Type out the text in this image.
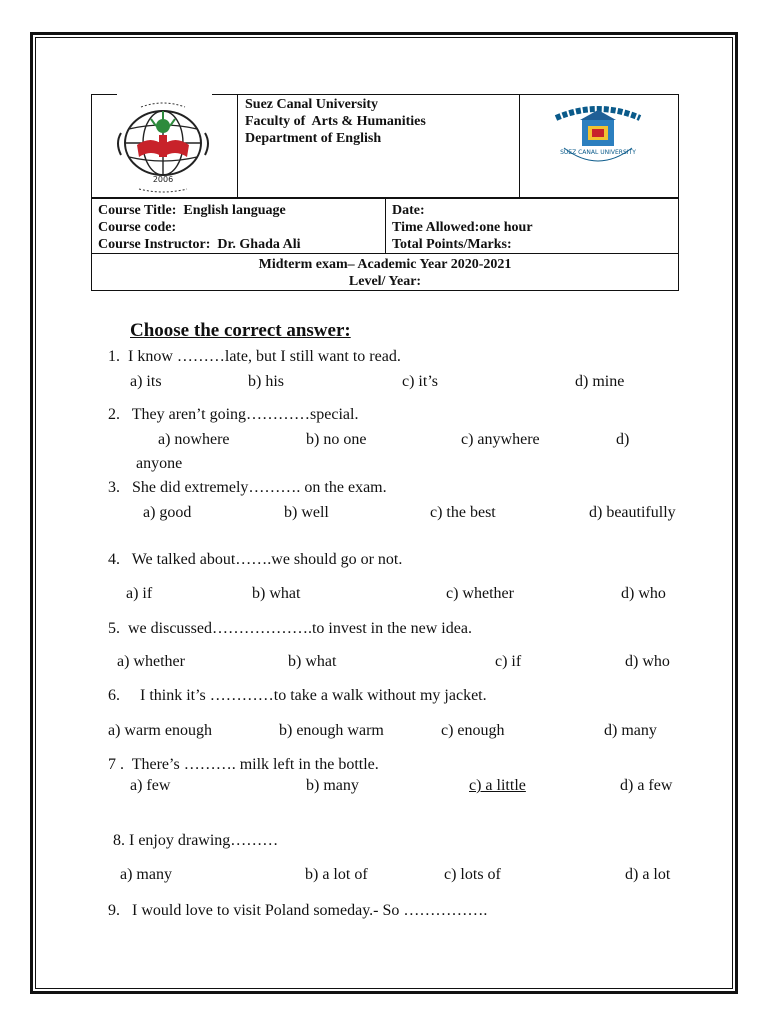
Suez Canal University
Faculty of  Arts & Humanities
Department of English
2006
SUEZ CANAL UNIVERSITY
Course Title:  English language
Course code:
Course Instructor:  Dr. Ghada Ali
Date:
Time Allowed:one hour
Total Points/Marks:
Midterm exam– Academic Year 2020-2021
Level/ Year:
Choose the correct answer:
1.  I know ………late, but I still want to read.
a) its	b) his	c) it’s	d) mine
2.   They aren’t going…………special.
a) nowhere	b) no one	c) anywhere	d)
anyone
3.   She did extremely………. on the exam.
a) good	b) well	c) the best	d) beautifully
4.   We talked about…….we should go or not.
a) if	b) what	c) whether	d) who
5.  we discussed……………….to invest in the new idea.
a) whether	b) what	c) if	d) who
6.     I think it’s …………to take a walk without my jacket.
a) warm enough	b) enough warm	c) enough	d) many
7 .  There’s ………. milk left in the bottle.
a) few	b) many	c) a little	d) a few
8. I enjoy drawing………
a) many	b) a lot of	c) lots of	d) a lot
9.   I would love to visit Poland someday.- So …………….
